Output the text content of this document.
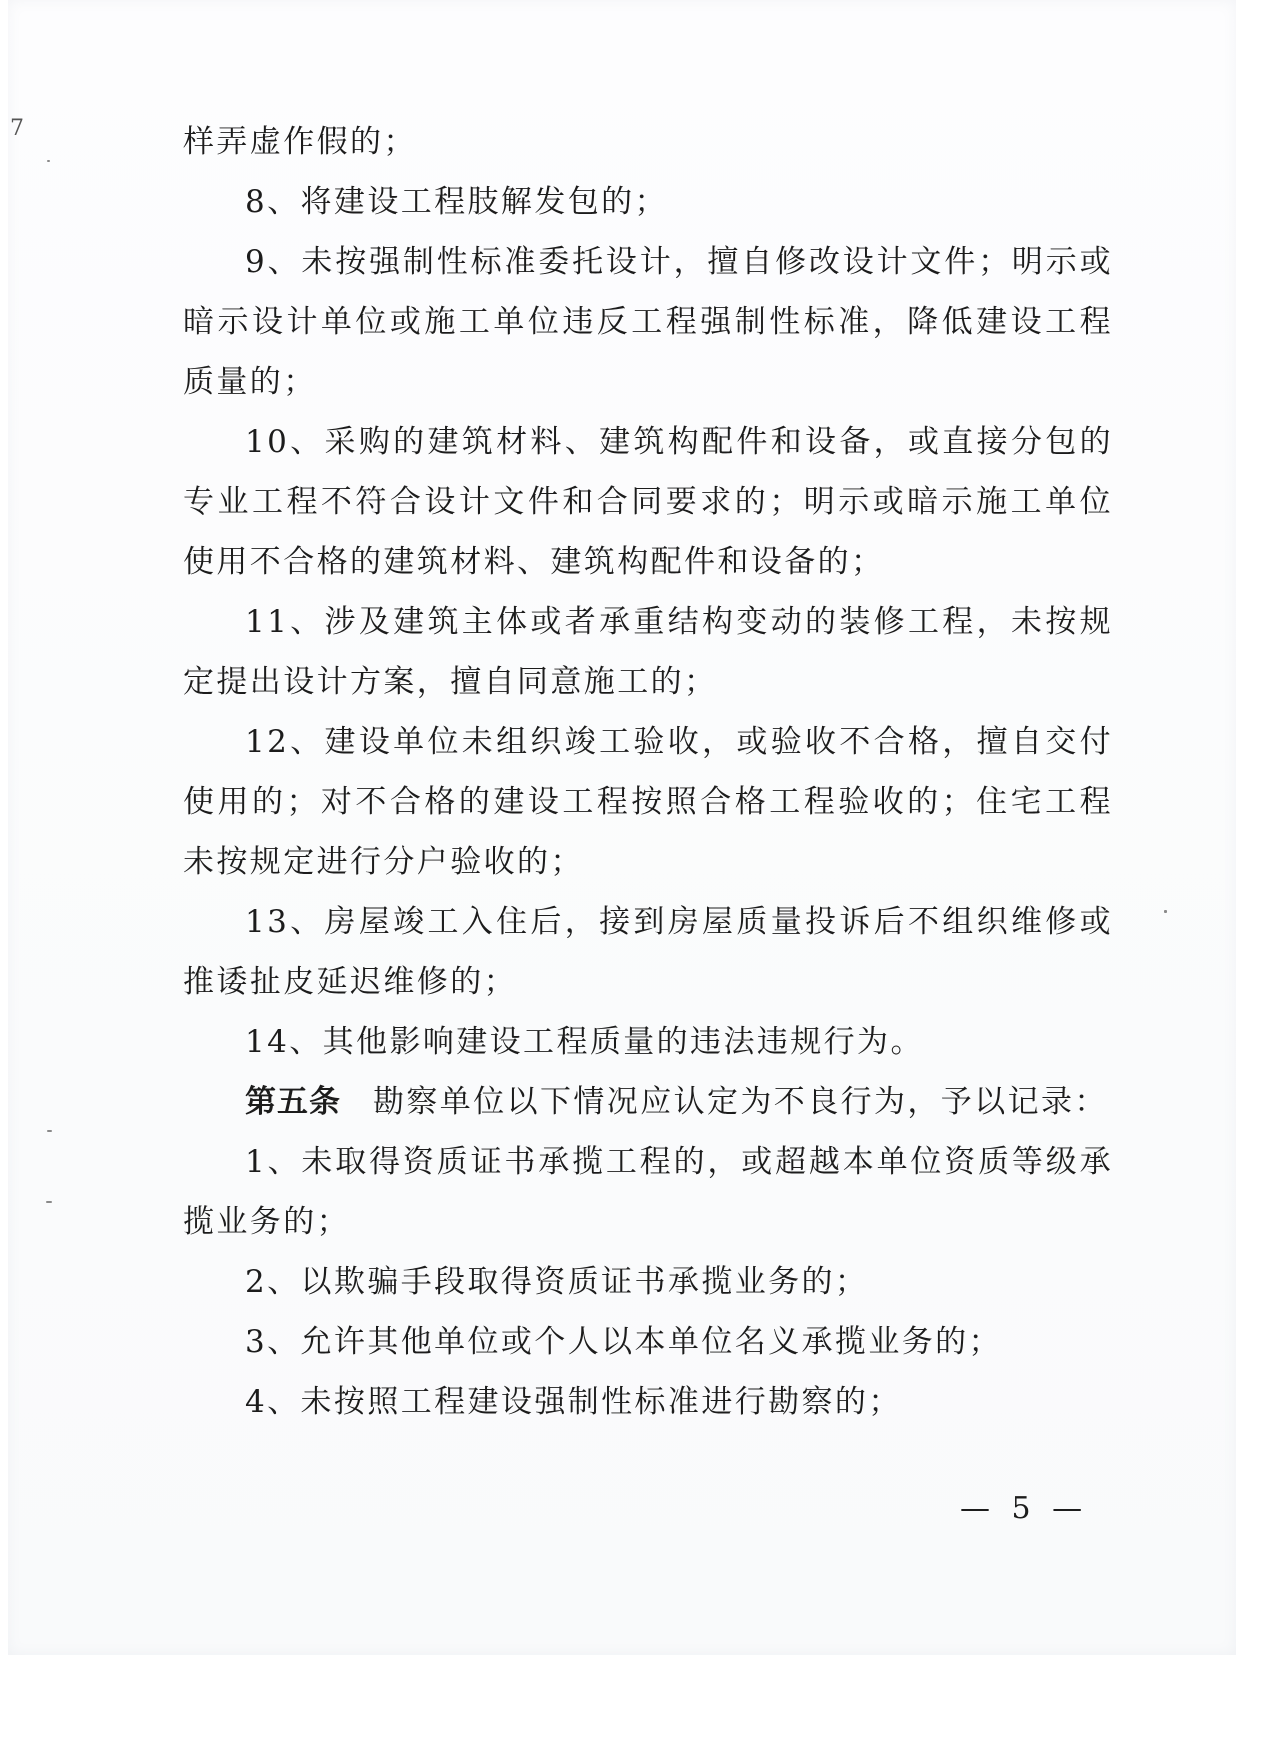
7	样弄虚作假的；

8、将建设工程肢解发包的；

9、未按强制性标准委托设计，擅自修改设计文件；明示或暗示设计单位或施工单位违反工程强制性标准，降低建设工程质量的；

10、采购的建筑材料、建筑构配件和设备，或直接分包的专业工程不符合设计文件和合同要求的；明示或暗示施工单位使用不合格的建筑材料、建筑构配件和设备的；

11、涉及建筑主体或者承重结构变动的装修工程，未按规定提出设计方案，擅自同意施工的；

12、建设单位未组织竣工验收，或验收不合格，擅自交付使用的；对不合格的建设工程按照合格工程验收的；住宅工程未按规定进行分户验收的；

13、房屋竣工入住后，接到房屋质量投诉后不组织维修或推诿扯皮延迟维修的；

14、其他影响建设工程质量的违法违规行为。

第五条 勘察单位以下情况应认定为不良行为，予以记录：

1、未取得资质证书承揽工程的，或超越本单位资质等级承揽业务的；

2、以欺骗手段取得资质证书承揽业务的；

3、允许其他单位或个人以本单位名义承揽业务的；

4、未按照工程建设强制性标准进行勘察的；

— 5 —
